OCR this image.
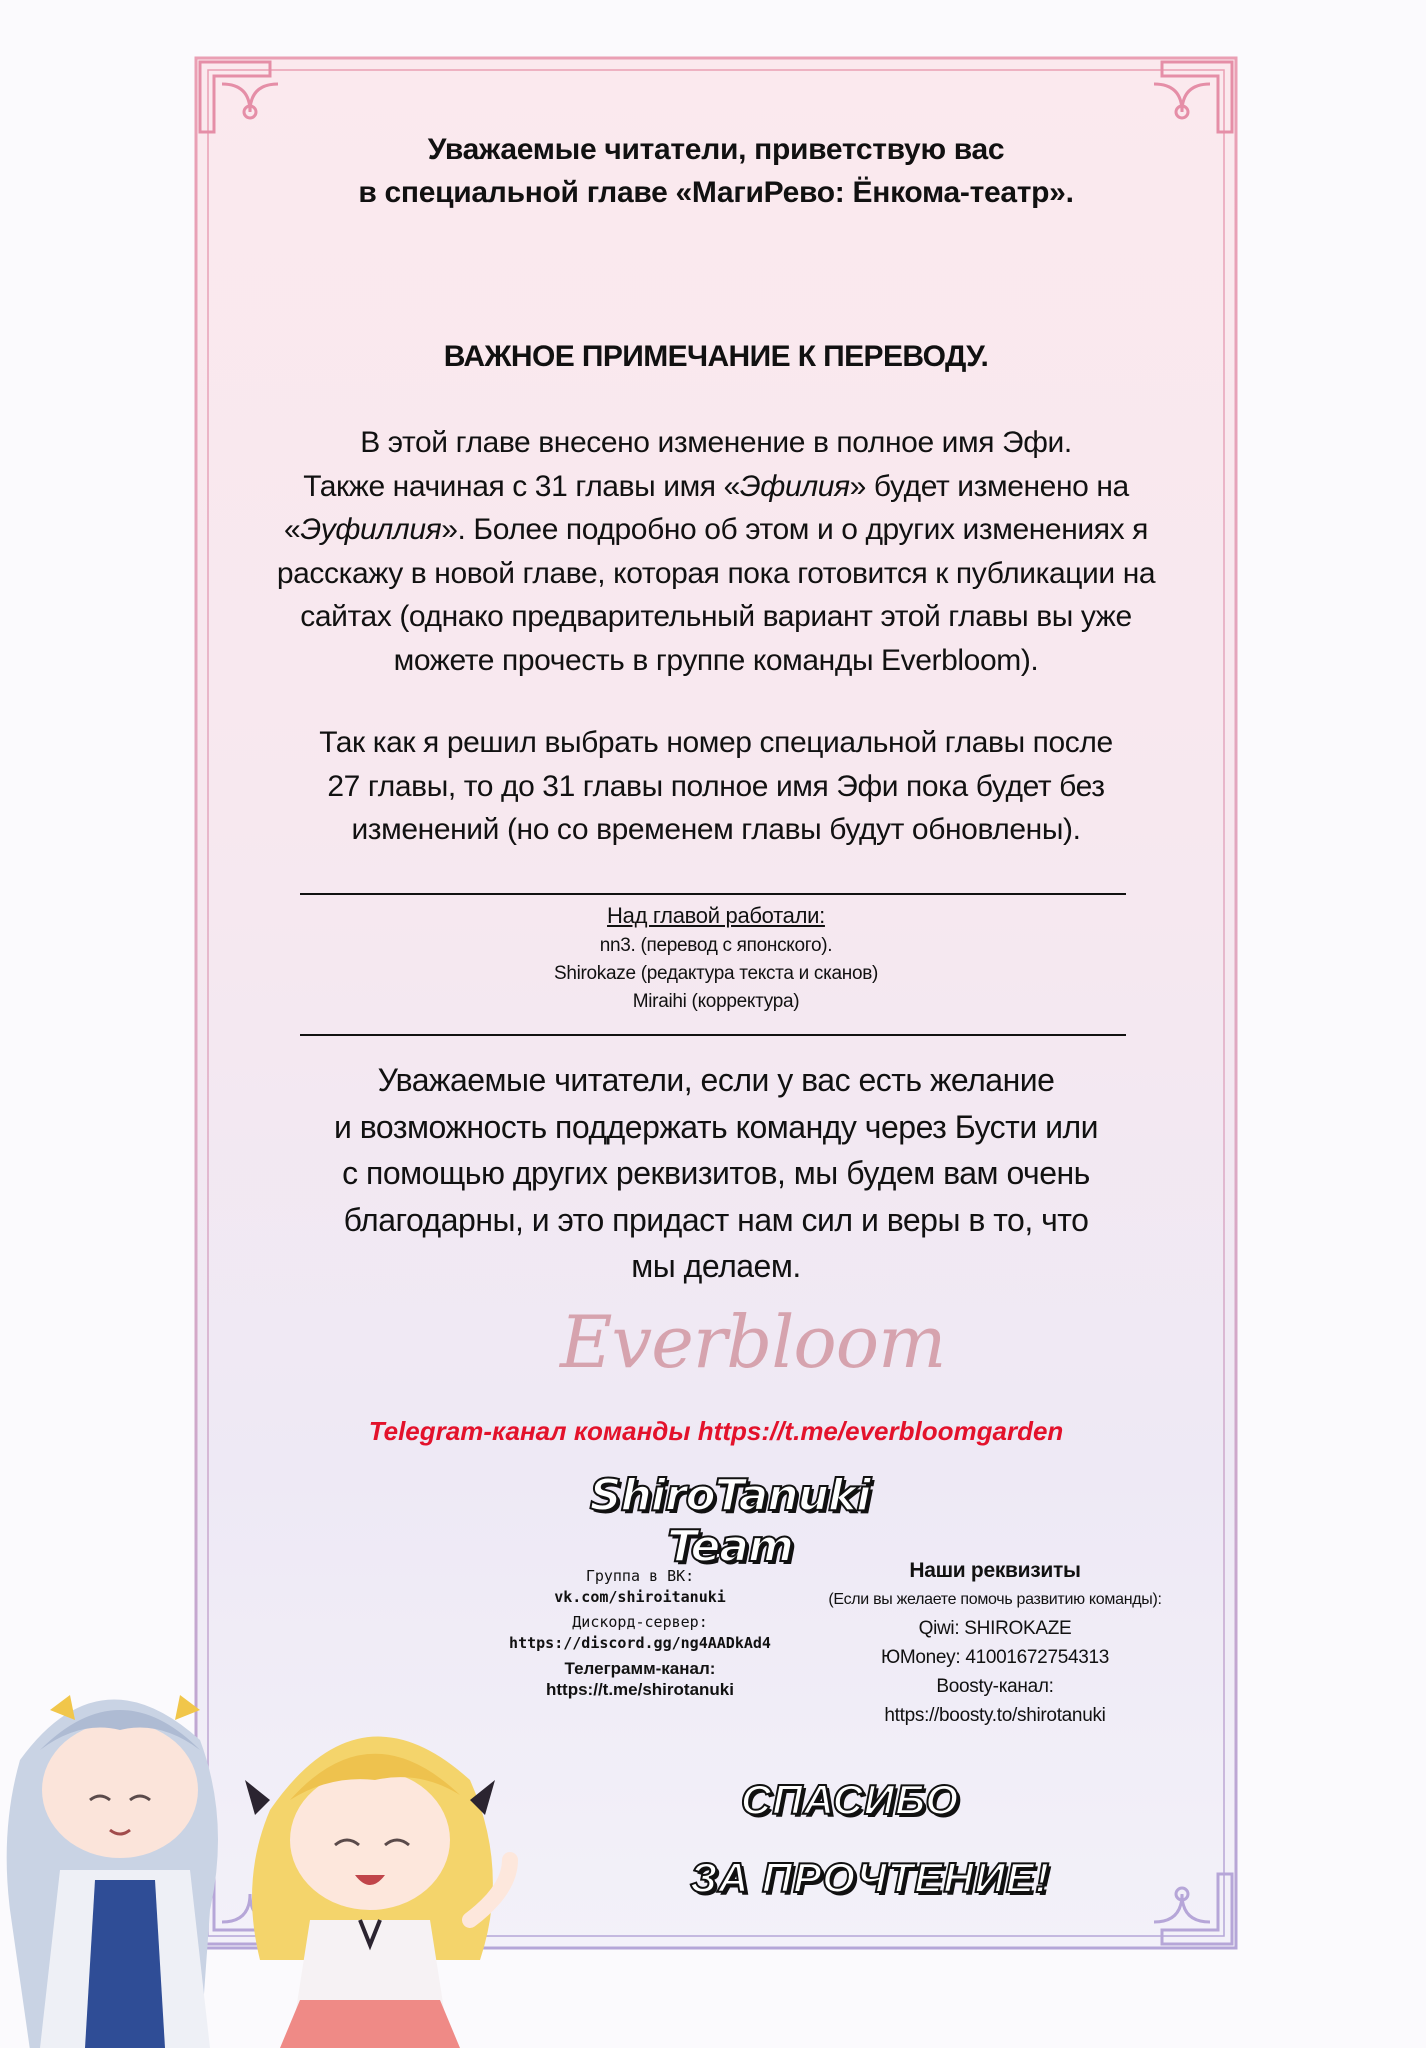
Уважаемые читатели, приветствую вас
в специальной главе «МагиРево: Ёнкома-театр».
ВАЖНОЕ ПРИМЕЧАНИЕ К ПЕРЕВОДУ.
В этой главе внесено изменение в полное имя Эфи.
Также начиная с 31 главы имя «Эфилия» будет изменено на
«Эуфиллия». Более подробно об этом и о других изменениях я расскажу в новой главе, которая пока готовится к публикации на сайтах (однако предварительный вариант этой главы вы уже можете прочесть в группе команды Everbloom).
Так как я решил выбрать номер специальной главы после
27 главы, то до 31 главы полное имя Эфи пока будет без
изменений (но со временем главы будут обновлены).
Над главой работали:
nn3. (перевод с японского).
Shirokaze (редактура текста и сканов)
Miraihi (корректура)
Уважаемые читатели, если у вас есть желание
и возможность поддержать команду через Бусти или
с помощью других реквизитов, мы будем вам очень
благодарны, и это придаст нам сил и веры в то, что
мы делаем.
Everbloom
Telegram-канал команды https://t.me/everbloomgarden
ShiroTanuki Team
Группа в ВК:
vk.com/shiroitanuki
Дискорд-сервер:
https://discord.gg/ng4AADkAd4
Телеграмм-канал:
https://t.me/shirotanuki
Наши реквизиты
(Если вы желаете помочь развитию команды):
Qiwi: SHIROKAZE
ЮMoney: 41001672754313
Boosty-канал:
https://boosty.to/shirotanuki
СПАСИБО
ЗА ПРОЧТЕНИЕ!
